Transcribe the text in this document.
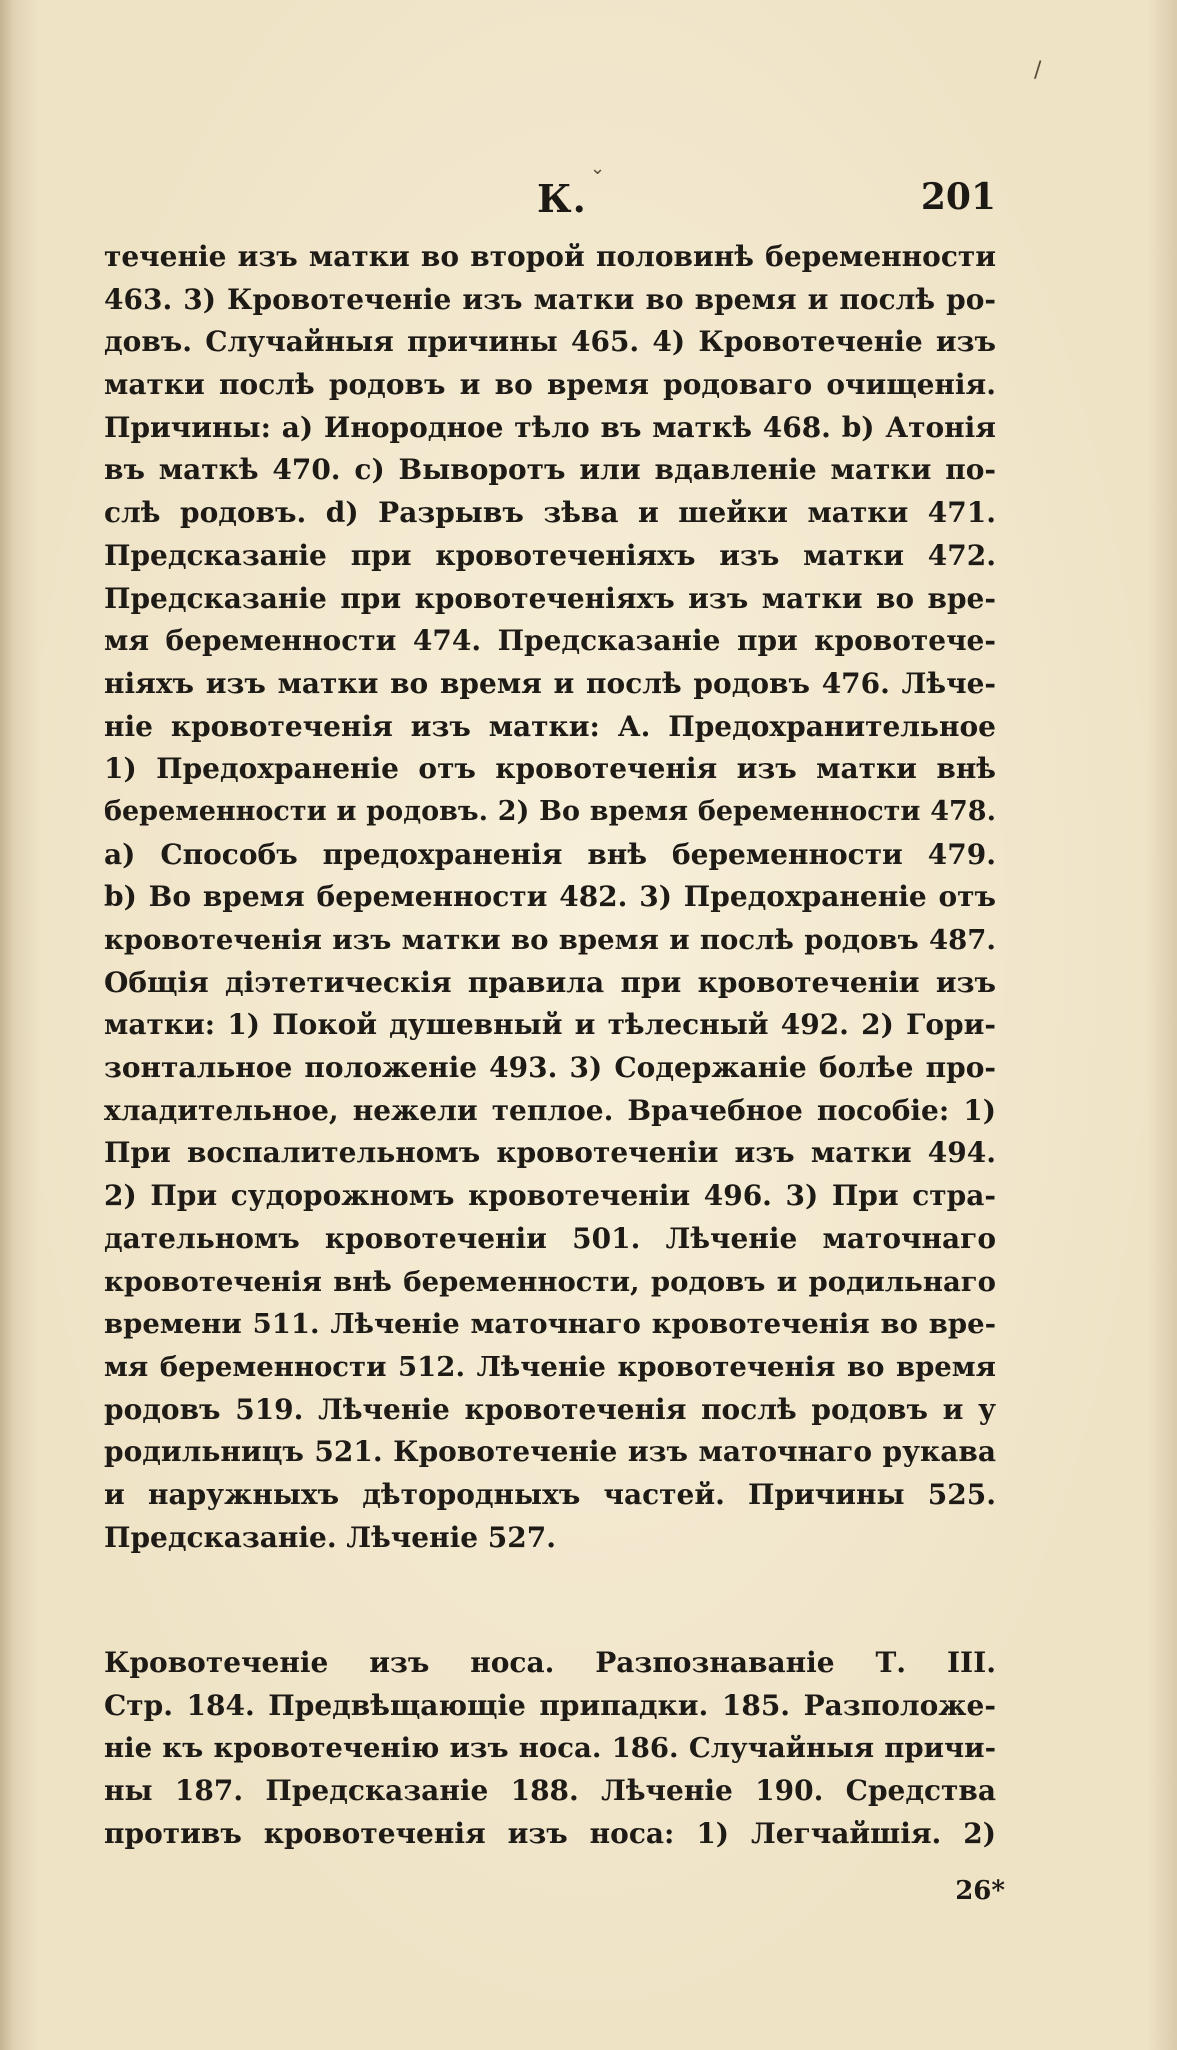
/
⌄
К.	201
теченіе изъ матки во второй половинѣ беременности
463. 3) Кровотеченіе изъ матки во время и послѣ ро-
довъ. Случайныя причины 465. 4) Кровотеченіе изъ
матки послѣ родовъ и во время родоваго очищенія.
Причины: а) Инородное тѣло въ маткѣ 468. b) Атонія
въ маткѣ 470. с) Выворотъ или вдавленіе матки по-
слѣ родовъ. d) Разрывъ зѣва и шейки матки 471.
Предсказаніе при кровотеченіяхъ изъ матки 472.
Предсказаніе при кровотеченіяхъ изъ матки во вре-
мя беременности 474. Предсказаніе при кровотече-
ніяхъ изъ матки во время и послѣ родовъ 476. Лѣче-
ніе кровотеченія изъ матки: А. Предохранительное
1) Предохраненіе отъ кровотеченія изъ матки внѣ
беременности и родовъ. 2) Во время беременности 478.
а) Способъ предохраненія внѣ беременности 479.
b) Во время беременности 482. 3) Предохраненіе отъ
кровотеченія изъ матки во время и послѣ родовъ 487.
Общія діэтетическія правила при кровотеченіи изъ
матки: 1) Покой душевный и тѣлесный 492. 2) Гори-
зонтальное положеніе 493. 3) Содержаніе болѣе про-
хладительное, нежели теплое. Врачебное пособіе: 1)
При воспалительномъ кровотеченіи изъ матки 494.
2) При судорожномъ кровотеченіи 496. 3) При стра-
дательномъ кровотеченіи 501. Лѣченіе маточнаго
кровотеченія внѣ беременности, родовъ и родильнаго
времени 511. Лѣченіе маточнаго кровотеченія во вре-
мя беременности 512. Лѣченіе кровотеченія во время
родовъ 519. Лѣченіе кровотеченія послѣ родовъ и у
родильницъ 521. Кровотеченіе изъ маточнаго рукава
и наружныхъ дѣтородныхъ частей. Причины 525.
Предсказаніе. Лѣченіе 527.
Кровотеченіе изъ носа. Разпознаваніе Т. III.
Стр. 184. Предвѣщающіе припадки. 185. Разположе-
ніе къ кровотеченію изъ носа. 186. Случайныя причи-
ны 187. Предсказаніе 188. Лѣченіе 190. Средства
противъ кровотеченія изъ носа: 1) Легчайшія. 2)
26*
